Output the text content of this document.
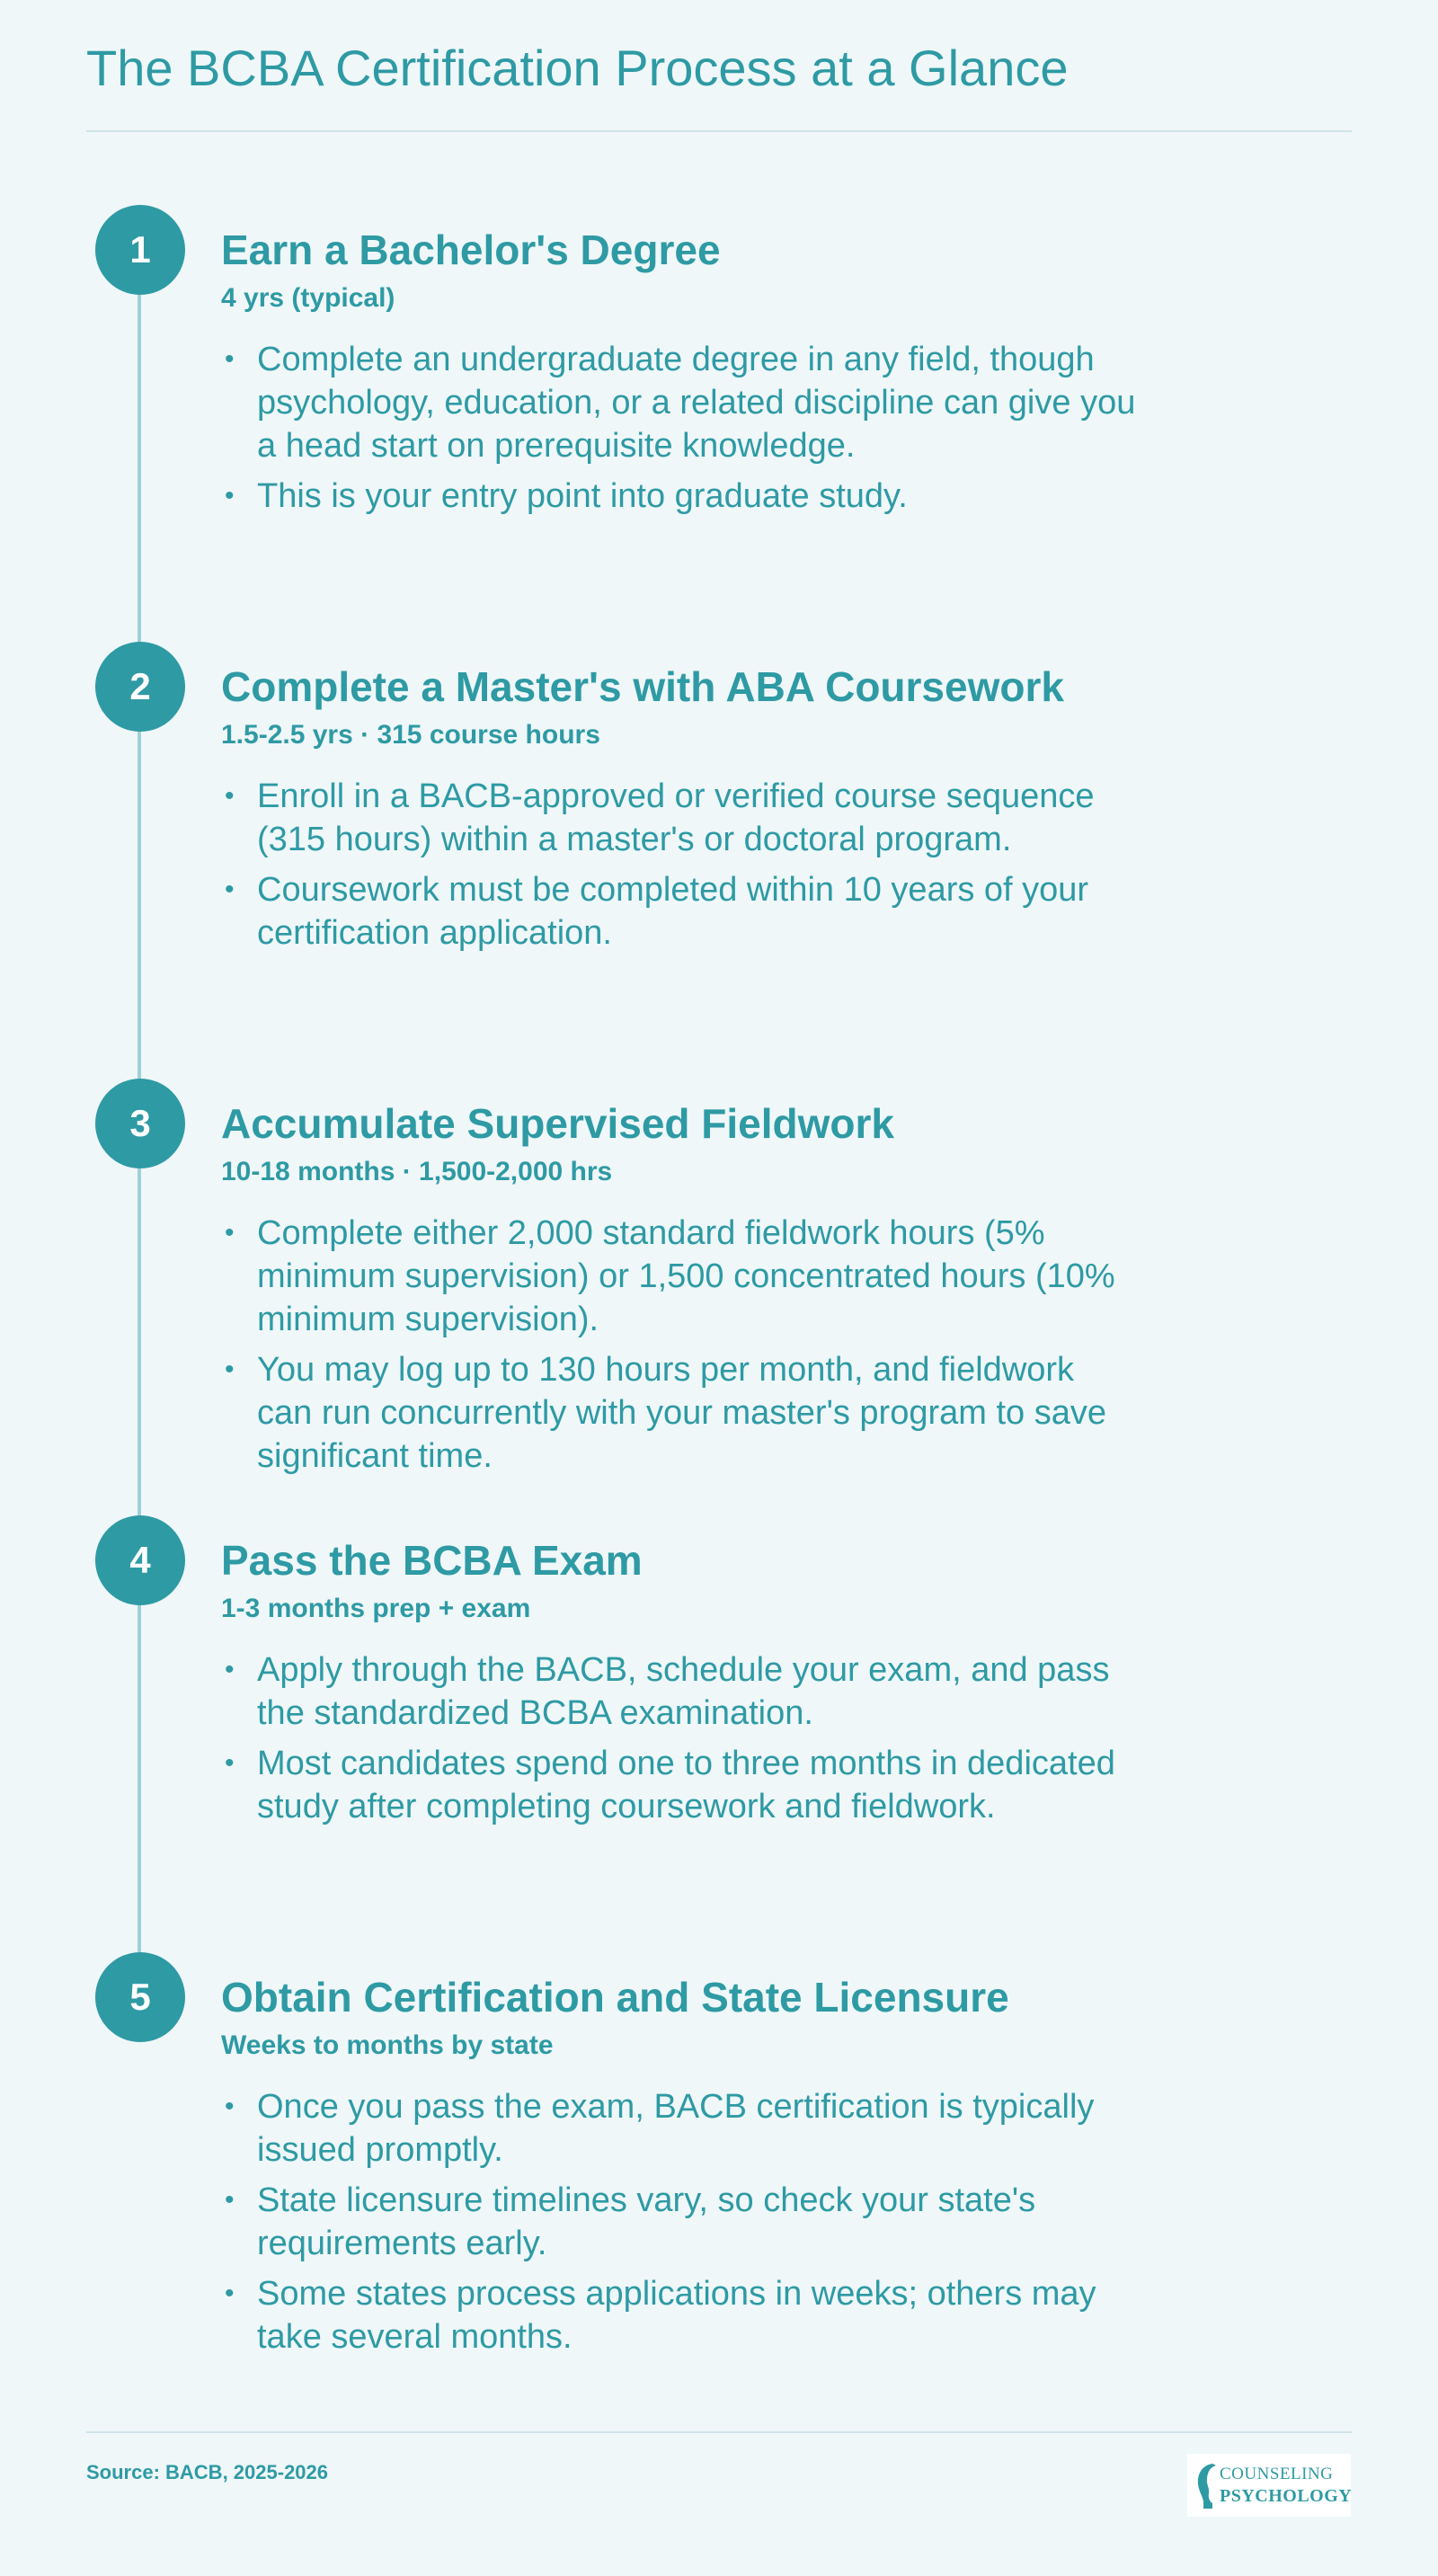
The BCBA Certification Process at a Glance
1	Earn a Bachelor's Degree
4 yrs (typical)
• Complete an undergraduate degree in any field, though psychology, education, or a related discipline can give you a head start on prerequisite knowledge.
• This is your entry point into graduate study.
2	Complete a Master's with ABA Coursework
1.5-2.5 yrs · 315 course hours
• Enroll in a BACB-approved or verified course sequence (315 hours) within a master's or doctoral program.
• Coursework must be completed within 10 years of your certification application.
3	Accumulate Supervised Fieldwork
10-18 months · 1,500-2,000 hrs
• Complete either 2,000 standard fieldwork hours (5% minimum supervision) or 1,500 concentrated hours (10% minimum supervision).
• You may log up to 130 hours per month, and fieldwork can run concurrently with your master's program to save significant time.
4	Pass the BCBA Exam
1-3 months prep + exam
• Apply through the BACB, schedule your exam, and pass the standardized BCBA examination.
• Most candidates spend one to three months in dedicated study after completing coursework and fieldwork.
5	Obtain Certification and State Licensure
Weeks to months by state
• Once you pass the exam, BACB certification is typically issued promptly.
• State licensure timelines vary, so check your state's requirements early.
• Some states process applications in weeks; others may take several months.
Source: BACB, 2025-2026	COUNSELING
PSYCHOLOGY
